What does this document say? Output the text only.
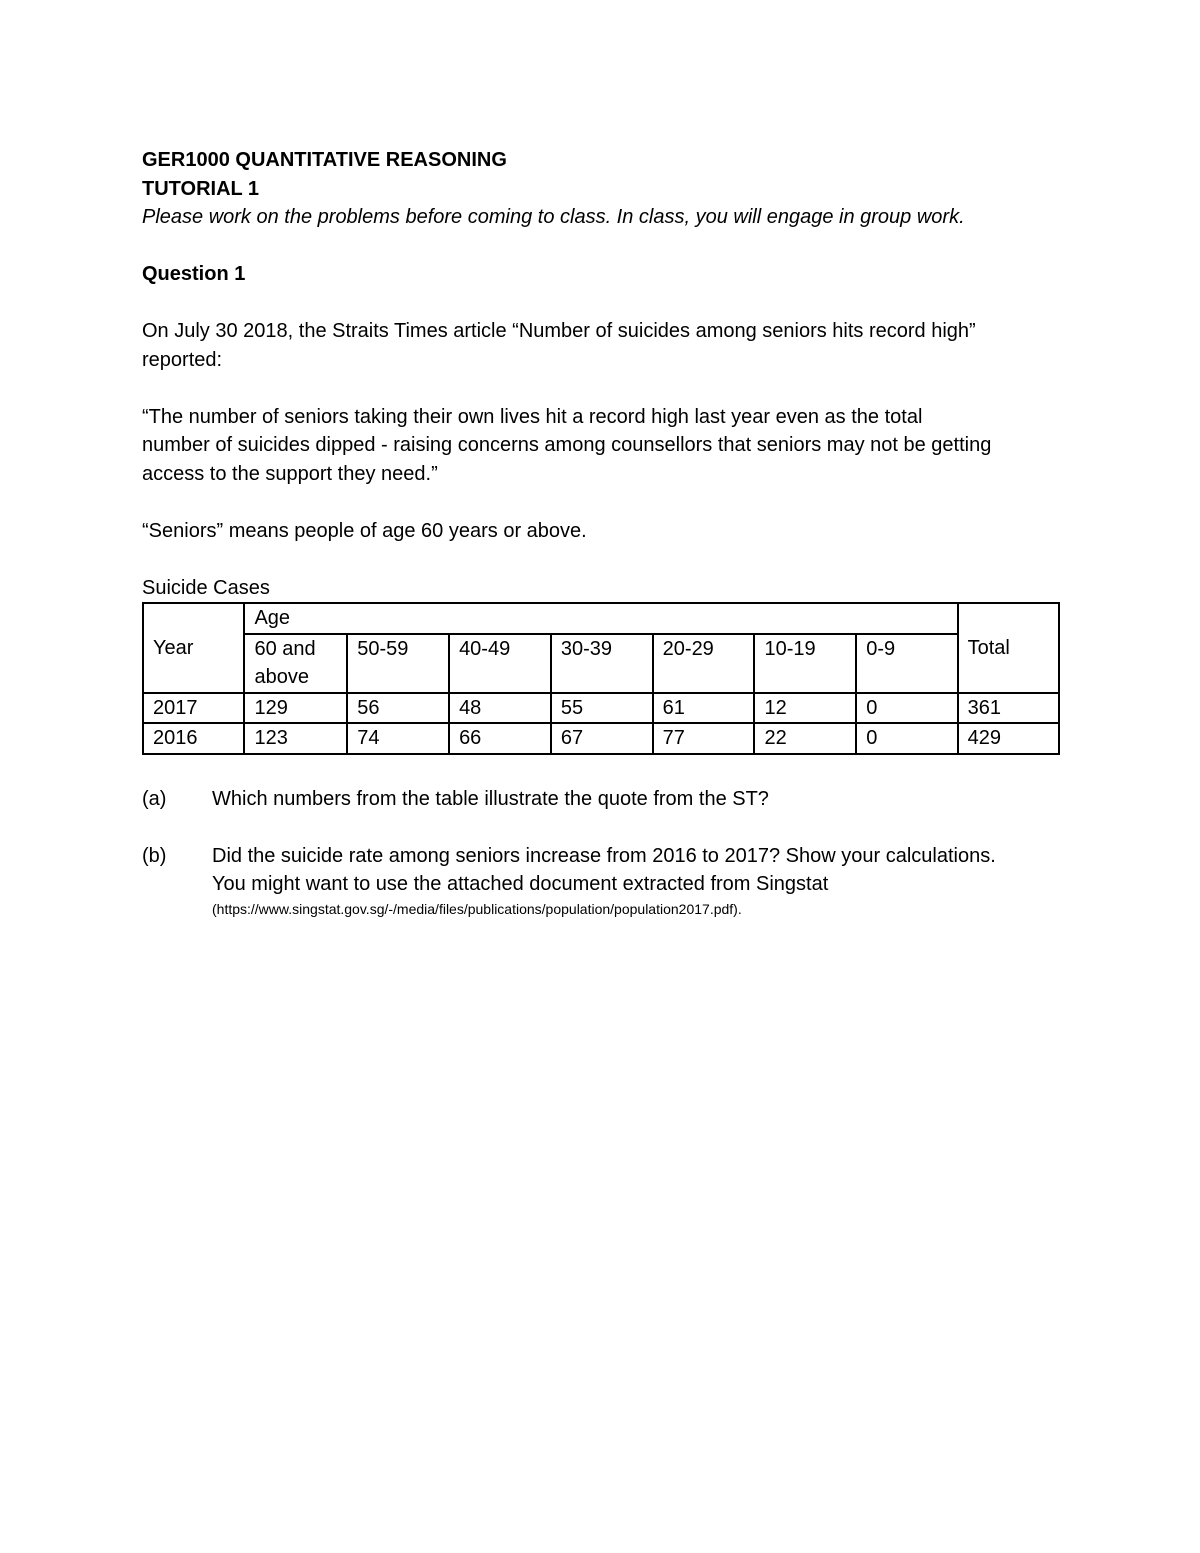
GER1000 QUANTITATIVE REASONING
TUTORIAL 1
Please work on the problems before coming to class. In class, you will engage in group work.
Question 1
On July 30 2018, the Straits Times article “Number of suicides among seniors hits record high”
reported:
“The number of seniors taking their own lives hit a record high last year even as the total
number of suicides dipped - raising concerns among counsellors that seniors may not be getting
access to the support they need.”
“Seniors” means people of age 60 years or above.
Suicide Cases
Year	Age							Total
	60 and above	50-59	40-49	30-39	20-29	10-19	0-9	
2017	129	56	48	55	61	12	0	361
2016	123	74	66	67	77	22	0	429
(a)	Which numbers from the table illustrate the quote from the ST?
(b)	Did the suicide rate among seniors increase from 2016 to 2017? Show your calculations.
You might want to use the attached document extracted from Singstat
(https://www.singstat.gov.sg/-/media/files/publications/population/population2017.pdf).
